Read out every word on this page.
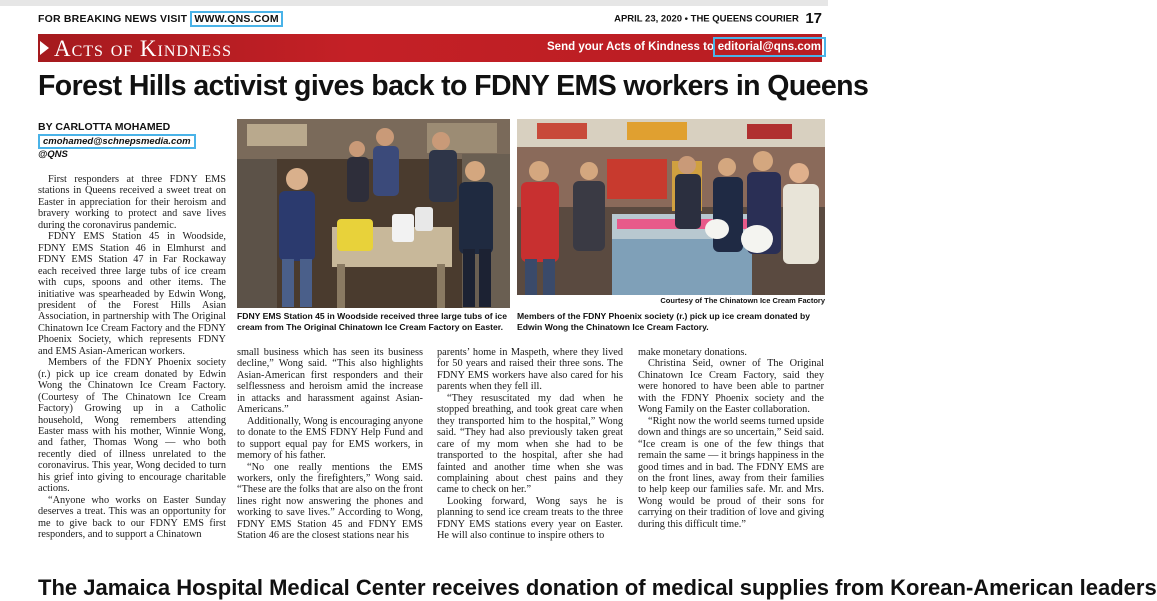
FOR BREAKING NEWS VISIT WWW.QNS.COM	APRIL 23, 2020 • THE QUEENS COURIER 17
Acts of Kindness	Send your Acts of Kindness to editorial@qns.com
Forest Hills activist gives back to FDNY EMS workers in Queens
BY CARLOTTA MOHAMED
cmohamed@schnepsmedia.com
@QNS

First responders at three FDNY EMS stations in Queens received a sweet treat on Easter in appreciation for their heroism and bravery working to protect and save lives during the coronavirus pandemic.

FDNY EMS Station 45 in Woodside, FDNY EMS Station 46 in Elmhurst and FDNY EMS Station 47 in Far Rockaway each received three large tubs of ice cream with cups, spoons and other items. The initiative was spearheaded by Edwin Wong, president of the Forest Hills Asian Association, in partnership with The Original Chinatown Ice Cream Factory and the FDNY Phoenix Society, which represents FDNY and EMS Asian-American workers.

Members of the FDNY Phoenix society (r.) pick up ice cream donated by Edwin Wong the Chinatown Ice Cream Factory. (Courtesy of The Chinatown Ice Cream Factory) Growing up in a Catholic household, Wong remembers attending Easter mass with his mother, Winnie Wong, and father, Thomas Wong — who both recently died of illness unrelated to the coronavirus. This year, Wong decided to turn his grief into giving to encourage charitable actions.

“Anyone who works on Easter Sunday deserves a treat. This was an opportunity for me to give back to our FDNY EMS first responders, and to support a Chinatown

Courtesy of The Chinatown Ice Cream Factory
FDNY EMS Station 45 in Woodside received three large tubs of ice cream from The Original Chinatown Ice Cream Factory on Easter.
Members of the FDNY Phoenix society (r.) pick up ice cream donated by Edwin Wong the Chinatown Ice Cream Factory.

small business which has seen its business decline,” Wong said. “This also highlights Asian-American first responders and their selflessness and heroism amid the increase in attacks and harassment against Asian-Americans.”

Additionally, Wong is encouraging anyone to donate to the EMS FDNY Help Fund and to support equal pay for EMS workers, in memory of his father.

“No one really mentions the EMS workers, only the firefighters,” Wong said. “These are the folks that are also on the front lines right now answering the phones and working to save lives.” According to Wong, FDNY EMS Station 45 and FDNY EMS Station 46 are the closest stations near his

parents’ home in Maspeth, where they lived for 50 years and raised their three sons. The FDNY EMS workers have also cared for his parents when they fell ill.

“They resuscitated my dad when he stopped breathing, and took great care when they transported him to the hospital,” Wong said. “They had also previously taken great care of my mom when she had to be transported to the hospital, after she had fainted and another time when she was complaining about chest pains and they came to check on her.”

Looking forward, Wong says he is planning to send ice cream treats to the three FDNY EMS stations every year on Easter. He will also continue to inspire others to

make monetary donations.

Christina Seid, owner of The Original Chinatown Ice Cream Factory, said they were honored to have been able to partner with the FDNY Phoenix society and the Wong Family on the Easter collaboration.

“Right now the world seems turned upside down and things are so uncertain,” Seid said. “Ice cream is one of the few things that remain the same — it brings happiness in the good times and in bad. The FDNY EMS are on the front lines, away from their families to help keep our families safe. Mr. and Mrs. Wong would be proud of their sons for carrying on their tradition of love and giving during this difficult time.”

The Jamaica Hospital Medical Center receives donation of medical supplies from Korean-American leaders
